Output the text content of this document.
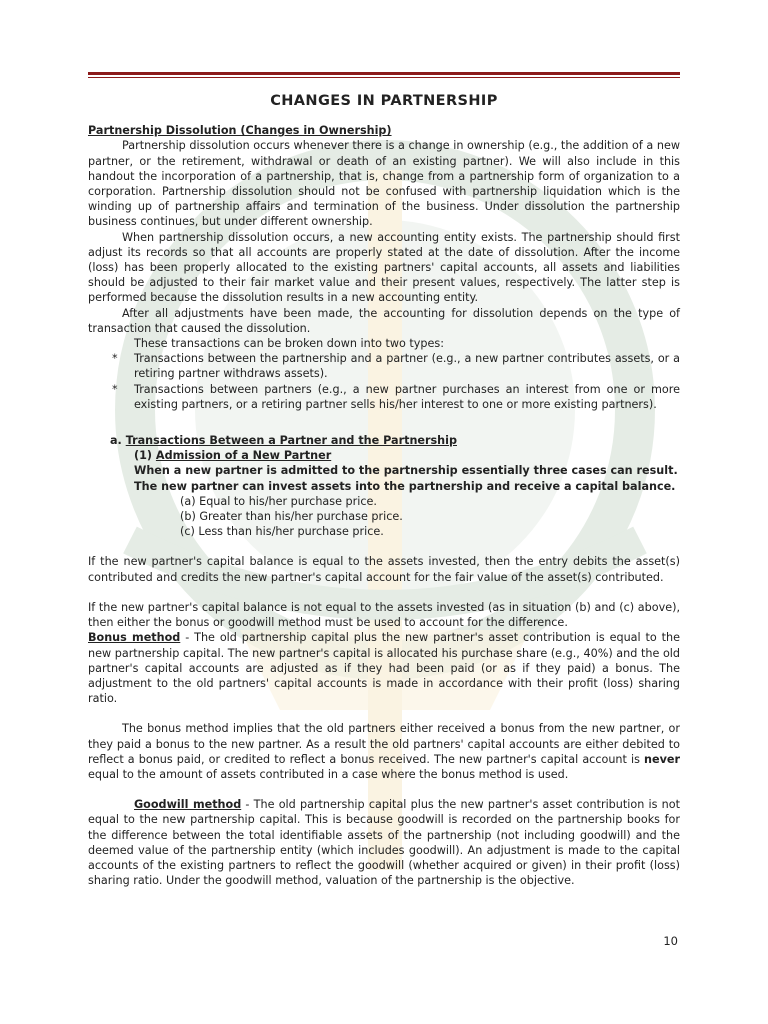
CHANGES IN PARTNERSHIP
Partnership Dissolution (Changes in Ownership)

Partnership dissolution occurs whenever there is a change in ownership (e.g., the addition of a new partner, or the retirement, withdrawal or death of an existing partner). We will also include in this handout the incorporation of a partnership, that is, change from a partnership form of organization to a corporation. Partnership dissolution should not be confused with partnership liquidation which is the winding up of partnership affairs and termination of the business. Under dissolution the partnership business continues, but under different ownership.

When partnership dissolution occurs, a new accounting entity exists. The partnership should first adjust its records so that all accounts are properly stated at the date of dissolution. After the income (loss) has been properly allocated to the existing partners' capital accounts, all assets and liabilities should be adjusted to their fair market value and their present values, respectively. The latter step is performed because the dissolution results in a new accounting entity.

After all adjustments have been made, the accounting for dissolution depends on the type of transaction that caused the dissolution.

These transactions can be broken down into two types:

*	Transactions between the partnership and a partner (e.g., a new partner contributes assets, or a retiring partner withdraws assets).
*	Transactions between partners (e.g., a new partner purchases an interest from one or more existing partners, or a retiring partner sells his/her interest to one or more existing partners).
a. Transactions Between a Partner and the Partnership
(1) Admission of a New Partner

When a new partner is admitted to the partnership essentially three cases can result.

The new partner can invest assets into the partnership and receive a capital balance.

(a) Equal to his/her purchase price.

(b) Greater than his/her purchase price.

(c) Less than his/her purchase price.

If the new partner's capital balance is equal to the assets invested, then the entry debits the asset(s) contributed and credits the new partner's capital account for the fair value of the asset(s) contributed.

If the new partner's capital balance is not equal to the assets invested (as in situation (b) and (c) above), then either the bonus or goodwill method must be used to account for the difference.

Bonus method - The old partnership capital plus the new partner's asset contribution is equal to the new partnership capital. The new partner's capital is allocated his purchase share (e.g., 40%) and the old partner's capital accounts are adjusted as if they had been paid (or as if they paid) a bonus. The adjustment to the old partners' capital accounts is made in accordance with their profit (loss) sharing ratio.

The bonus method implies that the old partners either received a bonus from the new partner, or they paid a bonus to the new partner. As a result the old partners' capital accounts are either debited to reflect a bonus paid, or credited to reflect a bonus received. The new partner's capital account is never equal to the amount of assets contributed in a case where the bonus method is used.

Goodwill method - The old partnership capital plus the new partner's asset contribution is not equal to the new partnership capital. This is because goodwill is recorded on the partnership books for the difference between the total identifiable assets of the partnership (not including goodwill) and the deemed value of the partnership entity (which includes goodwill). An adjustment is made to the capital accounts of the existing partners to reflect the goodwill (whether acquired or given) in their profit (loss) sharing ratio. Under the goodwill method, valuation of the partnership is the objective.

10
